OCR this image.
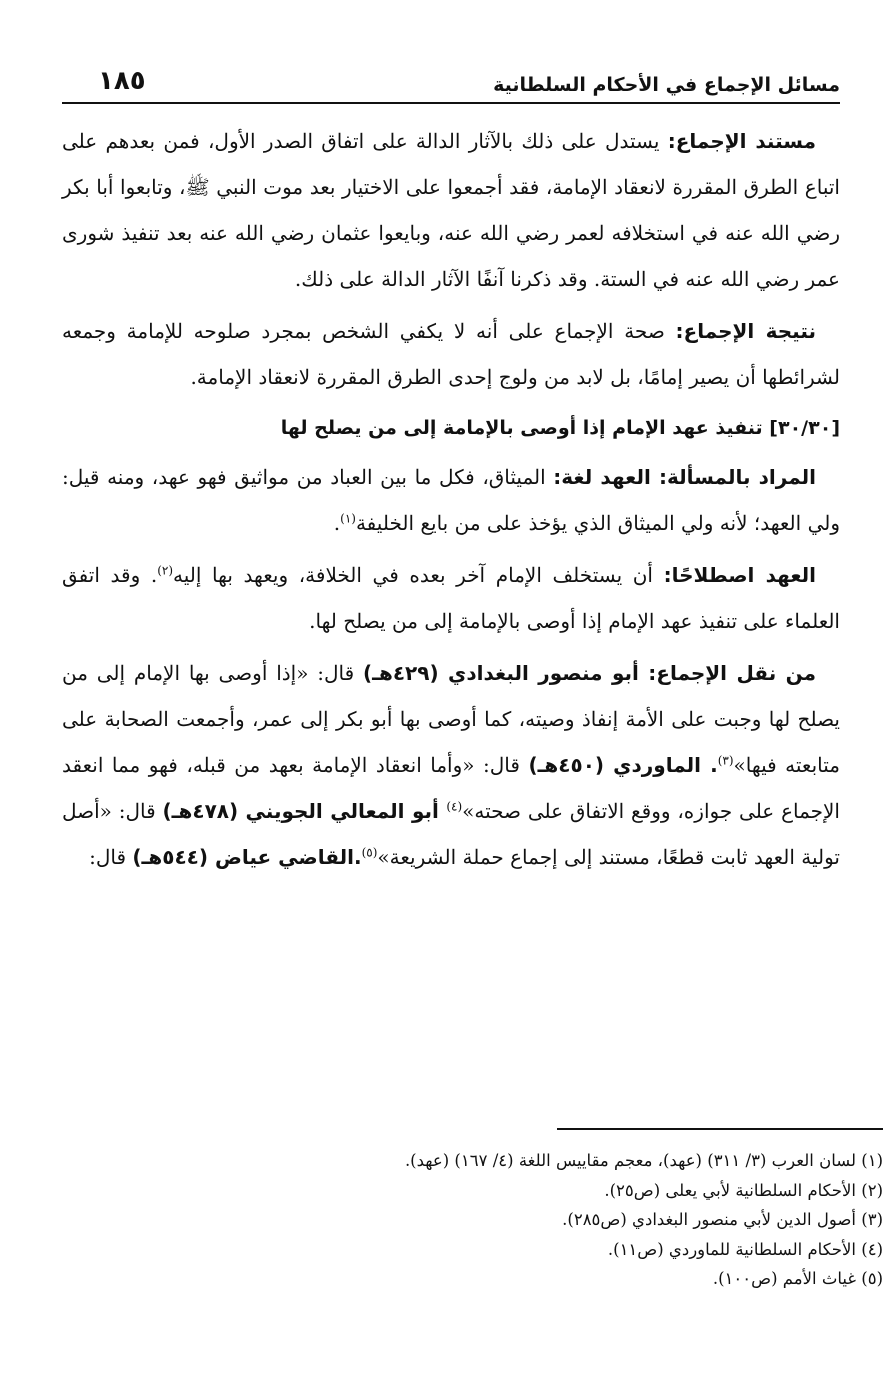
مسائل الإجماع في الأحكام السلطانية
١٨٥

مستند الإجماع: يستدل على ذلك بالآثار الدالة على اتفاق الصدر الأول، فمن بعدهم على اتباع الطرق المقررة لانعقاد الإمامة، فقد أجمعوا على الاختيار بعد موت النبي ﷺ، وتابعوا أبا بكر رضي الله عنه في استخلافه لعمر رضي الله عنه، وبايعوا عثمان رضي الله عنه بعد تنفيذ شورى عمر رضي الله عنه في الستة. وقد ذكرنا آنفًا الآثار الدالة على ذلك.

نتيجة الإجماع: صحة الإجماع على أنه لا يكفي الشخص بمجرد صلوحه للإمامة وجمعه لشرائطها أن يصير إمامًا، بل لابد من ولوج إحدى الطرق المقررة لانعقاد الإمامة.

[٣٠/٣٠] تنفيذ عهد الإمام إذا أوصى بالإمامة إلى من يصلح لها

المراد بالمسألة: العهد لغة: الميثاق، فكل ما بين العباد من مواثيق فهو عهد، ومنه قيل: ولي العهد؛ لأنه ولي الميثاق الذي يؤخذ على من بايع الخليفة$^{(١)}$.

العهد اصطلاحًا: أن يستخلف الإمام آخر بعده في الخلافة، ويعهد بها إليه$^{(٢)}$. وقد اتفق العلماء على تنفيذ عهد الإمام إذا أوصى بالإمامة إلى من يصلح لها.

من نقل الإجماع: أبو منصور البغدادي (٤٢٩هـ) قال: «إذا أوصى بها الإمام إلى من يصلح لها وجبت على الأمة إنفاذ وصيته، كما أوصى بها أبو بكر إلى عمر، وأجمعت الصحابة على متابعته فيها»$^{(٣)}$. الماوردي (٤٥٠هـ) قال: «وأما انعقاد الإمامة بعهد من قبله، فهو مما انعقد الإجماع على جوازه، ووقع الاتفاق على صحته»$^{(٤)}$ أبو المعالي الجويني (٤٧٨هـ) قال: «أصل تولية العهد ثابت قطعًا، مستند إلى إجماع حملة الشريعة»$^{(٥)}$.القاضي عياض (٥٤٤هـ) قال:

(١) لسان العرب (٣/ ٣١١) (عهد)، معجم مقاييس اللغة (٤/ ١٦٧) (عهد).
(٢) الأحكام السلطانية لأبي يعلى (ص٢٥).
(٣) أصول الدين لأبي منصور البغدادي (ص٢٨٥).
(٤) الأحكام السلطانية للماوردي (ص١١).
(٥) غياث الأمم (ص١٠٠).
